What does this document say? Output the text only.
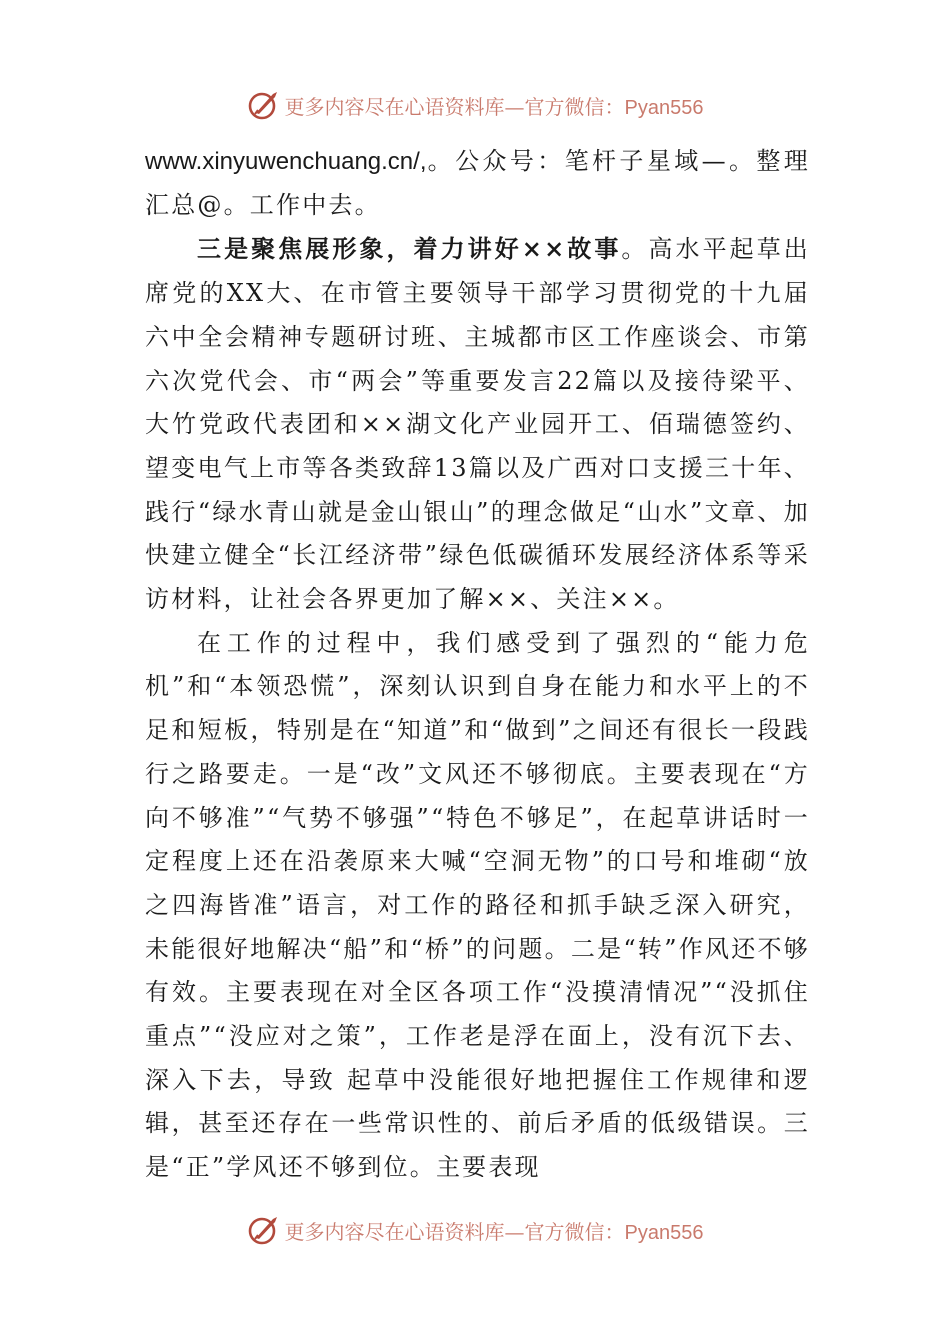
更多内容尽在心语资料库—官方微信：Pyan556

www.xinyuwenchuang.cn/,。公众号：笔杆子星域—。整理汇总@。工作中去。

三是聚焦展形象，着力讲好××故事。高水平起草出席党的XX大、在市管主要领导干部学习贯彻党的十九届六中全会精神专题研讨班、主城都市区工作座谈会、市第六次党代会、市“两会”等重要发言22篇以及接待梁平、大竹党政代表团和××湖文化产业园开工、佰瑞德签约、望变电气上市等各类致辞13篇以及广西对口支援三十年、践行“绿水青山就是金山银山”的理念做足“山水”文章、加快建立健全“长江经济带”绿色低碳循环发展经济体系等采访材料，让社会各界更加了解××、关注××。

在工作的过程中，我们感受到了强烈的“能力危机”和“本领恐慌”，深刻认识到自身在能力和水平上的不足和短板，特别是在“知道”和“做到”之间还有很长一段践行之路要走。一是“改”文风还不够彻底。主要表现在“方向不够准”“气势不够强”“特色不够足”，在起草讲话时一定程度上还在沿袭原来大喊“空洞无物”的口号和堆砌“放之四海皆准”语言，对工作的路径和抓手缺乏深入研究，未能很好地解决“船”和“桥”的问题。二是“转”作风还不够有效。主要表现在对全区各项工作“没摸清情况”“没抓住重点”“没应对之策”，工作老是浮在面上，没有沉下去、深入下去，导致 起草中没能很好地把握住工作规律和逻辑，甚至还存在一些常识性的、前后矛盾的低级错误。三是“正”学风还不够到位。主要表现

更多内容尽在心语资料库—官方微信：Pyan556
